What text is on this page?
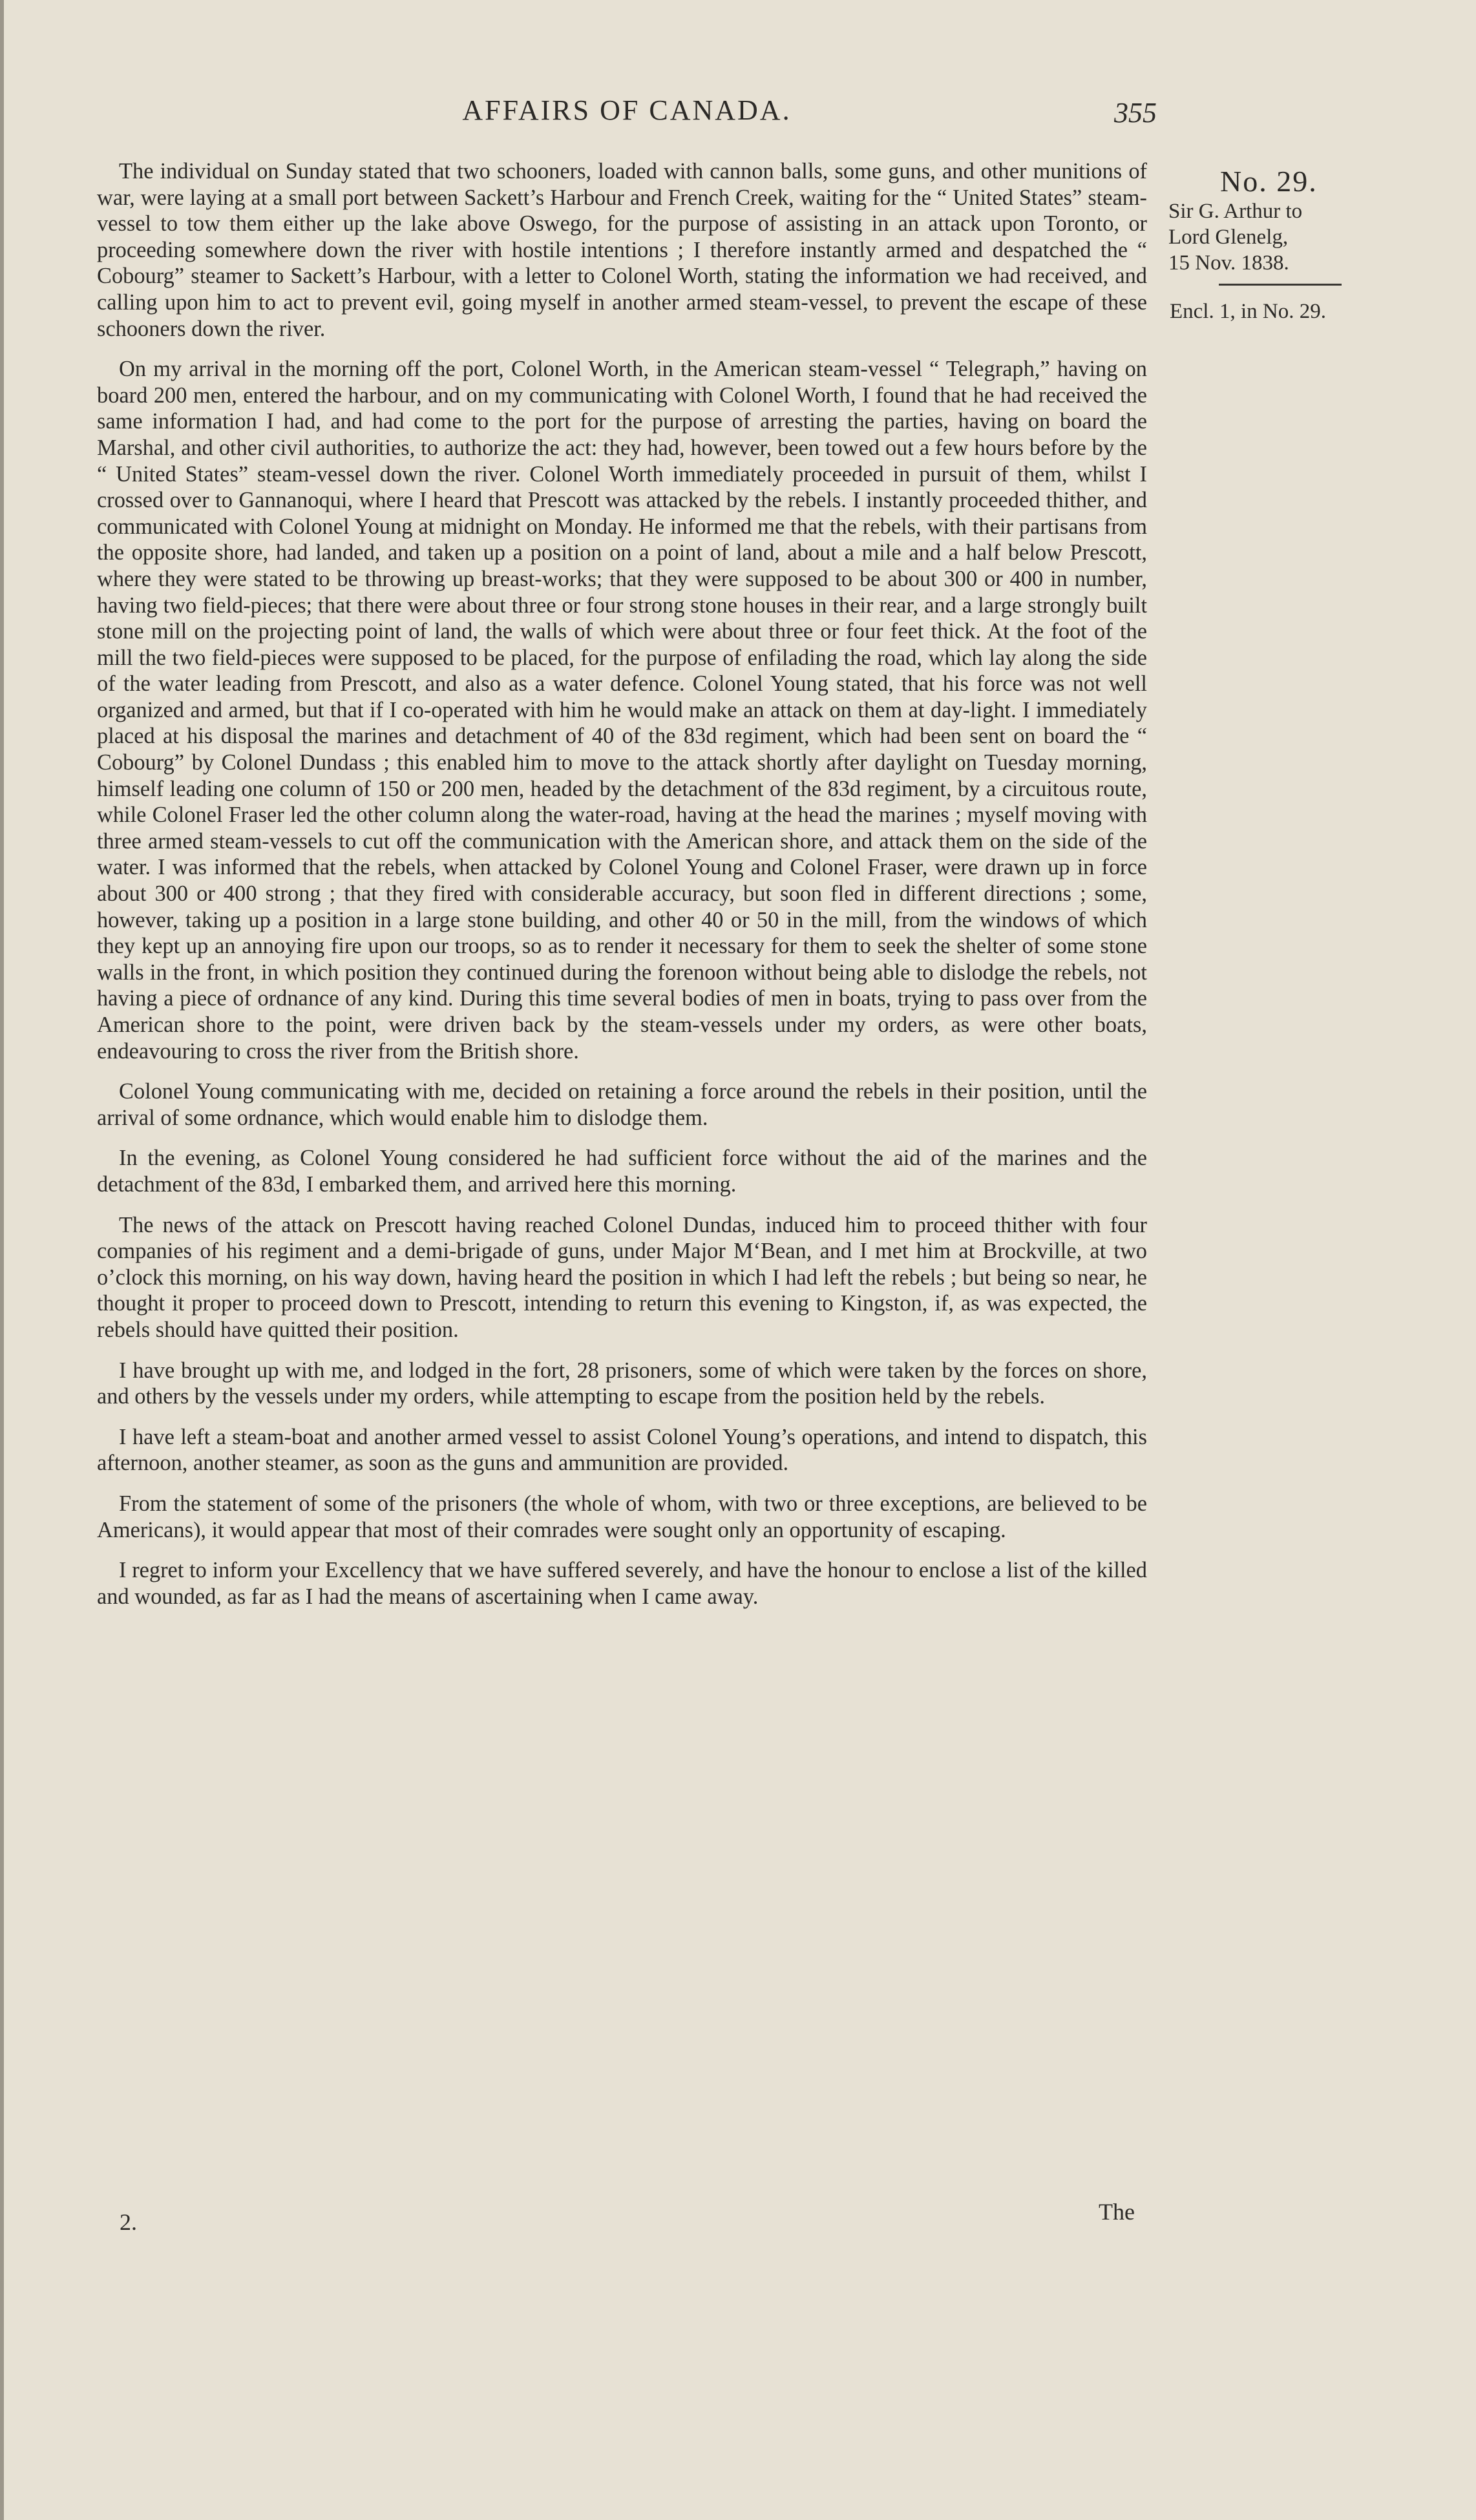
AFFAIRS OF CANADA.	355
No. 29.
Sir G. Arthur to
Lord Glenelg,
15 Nov. 1838.
Encl. 1, in No. 29.

The individual on Sunday stated that two schooners, loaded with cannon balls, some guns, and other munitions of war, were laying at a small port between Sackett’s Harbour and French Creek, waiting for the “ United States” steam-vessel to tow them either up the lake above Oswego, for the purpose of assisting in an attack upon Toronto, or proceeding somewhere down the river with hostile intentions ; I therefore instantly armed and despatched the “ Cobourg” steamer to Sackett’s Harbour, with a letter to Colonel Worth, stating the information we had received, and calling upon him to act to prevent evil, going myself in another armed steam-vessel, to prevent the escape of these schooners down the river.

On my arrival in the morning off the port, Colonel Worth, in the American steam-vessel “ Telegraph,” having on board 200 men, entered the harbour, and on my communicating with Colonel Worth, I found that he had received the same information I had, and had come to the port for the purpose of arresting the parties, having on board the Marshal, and other civil authorities, to authorize the act: they had, however, been towed out a few hours before by the “ United States” steam-vessel down the river. Colonel Worth immediately proceeded in pursuit of them, whilst I crossed over to Gannanoqui, where I heard that Prescott was attacked by the rebels. I instantly proceeded thither, and communicated with Colonel Young at midnight on Monday. He informed me that the rebels, with their partisans from the opposite shore, had landed, and taken up a position on a point of land, about a mile and a half below Prescott, where they were stated to be throwing up breast-works; that they were supposed to be about 300 or 400 in number, having two field-pieces; that there were about three or four strong stone houses in their rear, and a large strongly built stone mill on the projecting point of land, the walls of which were about three or four feet thick. At the foot of the mill the two field-pieces were supposed to be placed, for the purpose of enfilading the road, which lay along the side of the water leading from Prescott, and also as a water defence. Colonel Young stated, that his force was not well organized and armed, but that if I co-operated with him he would make an attack on them at day-light. I immediately placed at his disposal the marines and detachment of 40 of the 83d regiment, which had been sent on board the “ Cobourg” by Colonel Dundass ; this enabled him to move to the attack shortly after daylight on Tuesday morning, himself leading one column of 150 or 200 men, headed by the detachment of the 83d regiment, by a circuitous route, while Colonel Fraser led the other column along the water-road, having at the head the marines ; myself moving with three armed steam-vessels to cut off the communication with the American shore, and attack them on the side of the water. I was informed that the rebels, when attacked by Colonel Young and Colonel Fraser, were drawn up in force about 300 or 400 strong ; that they fired with considerable accuracy, but soon fled in different directions ; some, however, taking up a position in a large stone building, and other 40 or 50 in the mill, from the windows of which they kept up an annoying fire upon our troops, so as to render it necessary for them to seek the shelter of some stone walls in the front, in which position they continued during the forenoon without being able to dislodge the rebels, not having a piece of ordnance of any kind. During this time several bodies of men in boats, trying to pass over from the American shore to the point, were driven back by the steam-vessels under my orders, as were other boats, endeavouring to cross the river from the British shore.

Colonel Young communicating with me, decided on retaining a force around the rebels in their position, until the arrival of some ordnance, which would enable him to dislodge them.

In the evening, as Colonel Young considered he had sufficient force without the aid of the marines and the detachment of the 83d, I embarked them, and arrived here this morning.

The news of the attack on Prescott having reached Colonel Dundas, induced him to proceed thither with four companies of his regiment and a demi-brigade of guns, under Major M‘Bean, and I met him at Brockville, at two o’clock this morning, on his way down, having heard the position in which I had left the rebels ; but being so near, he thought it proper to proceed down to Prescott, intending to return this evening to Kingston, if, as was expected, the rebels should have quitted their position.

I have brought up with me, and lodged in the fort, 28 prisoners, some of which were taken by the forces on shore, and others by the vessels under my orders, while attempting to escape from the position held by the rebels.

I have left a steam-boat and another armed vessel to assist Colonel Young’s operations, and intend to dispatch, this afternoon, another steamer, as soon as the guns and ammunition are provided.

From the statement of some of the prisoners (the whole of whom, with two or three exceptions, are believed to be Americans), it would appear that most of their comrades were sought only an opportunity of escaping.

I regret to inform your Excellency that we have suffered severely, and have the honour to enclose a list of the killed and wounded, as far as I had the means of ascertaining when I came away.

2.	The
